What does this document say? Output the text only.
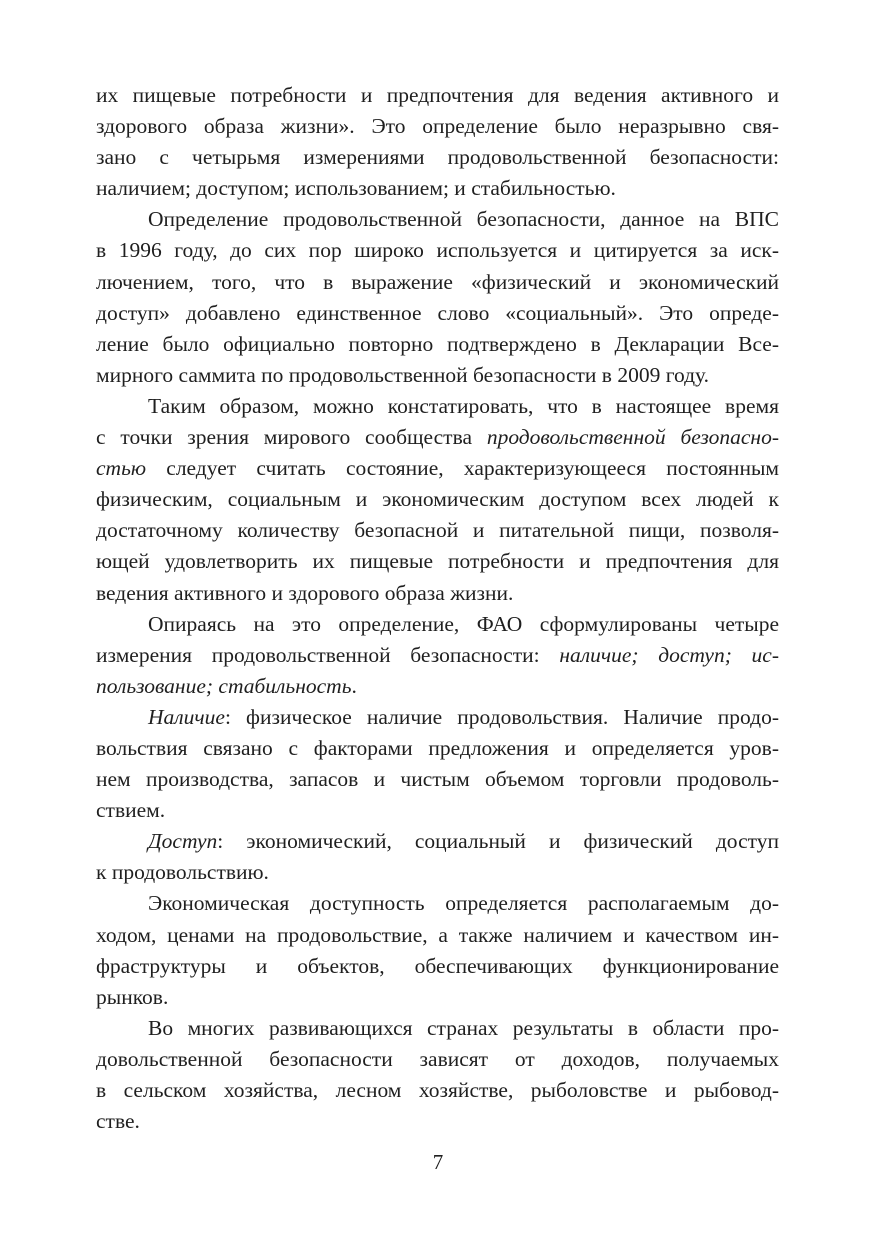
их пищевые потребности и предпочтения для ведения активного и
здорового образа жизни». Это определение было неразрывно свя-
зано с четырьмя измерениями продовольственной безопасности:
наличием; доступом; использованием; и стабильностью.

Определение продовольственной безопасности, данное на ВПС
в 1996 году, до сих пор широко используется и цитируется за иск-
лючением, того, что в выражение «физический и экономический
доступ» добавлено единственное слово «социальный». Это опреде-
ление было официально повторно подтверждено в Декларации Все-
мирного саммита по продовольственной безопасности в 2009 году.

Таким образом, можно констатировать, что в настоящее время
с точки зрения мирового сообщества продовольственной безопасно-
стью следует считать состояние, характеризующееся постоянным
физическим, социальным и экономическим доступом всех людей к
достаточному количеству безопасной и питательной пищи, позволя-
ющей удовлетворить их пищевые потребности и предпочтения для
ведения активного и здорового образа жизни.

Опираясь на это определение, ФАО сформулированы четыре
измерения продовольственной безопасности: наличие; доступ; ис-
пользование; стабильность.

Наличие: физическое наличие продовольствия. Наличие продо-
вольствия связано с факторами предложения и определяется уров-
нем производства, запасов и чистым объемом торговли продоволь-
ствием.

Доступ: экономический, социальный и физический доступ
к продовольствию.

Экономическая доступность определяется располагаемым до-
ходом, ценами на продовольствие, а также наличием и качеством ин-
фраструктуры и объектов, обеспечивающих функционирование
рынков.

Во многих развивающихся странах результаты в области про-
довольственной безопасности зависят от доходов, получаемых
в сельском хозяйства, лесном хозяйстве, рыболовстве и рыбовод-
стве.

7
